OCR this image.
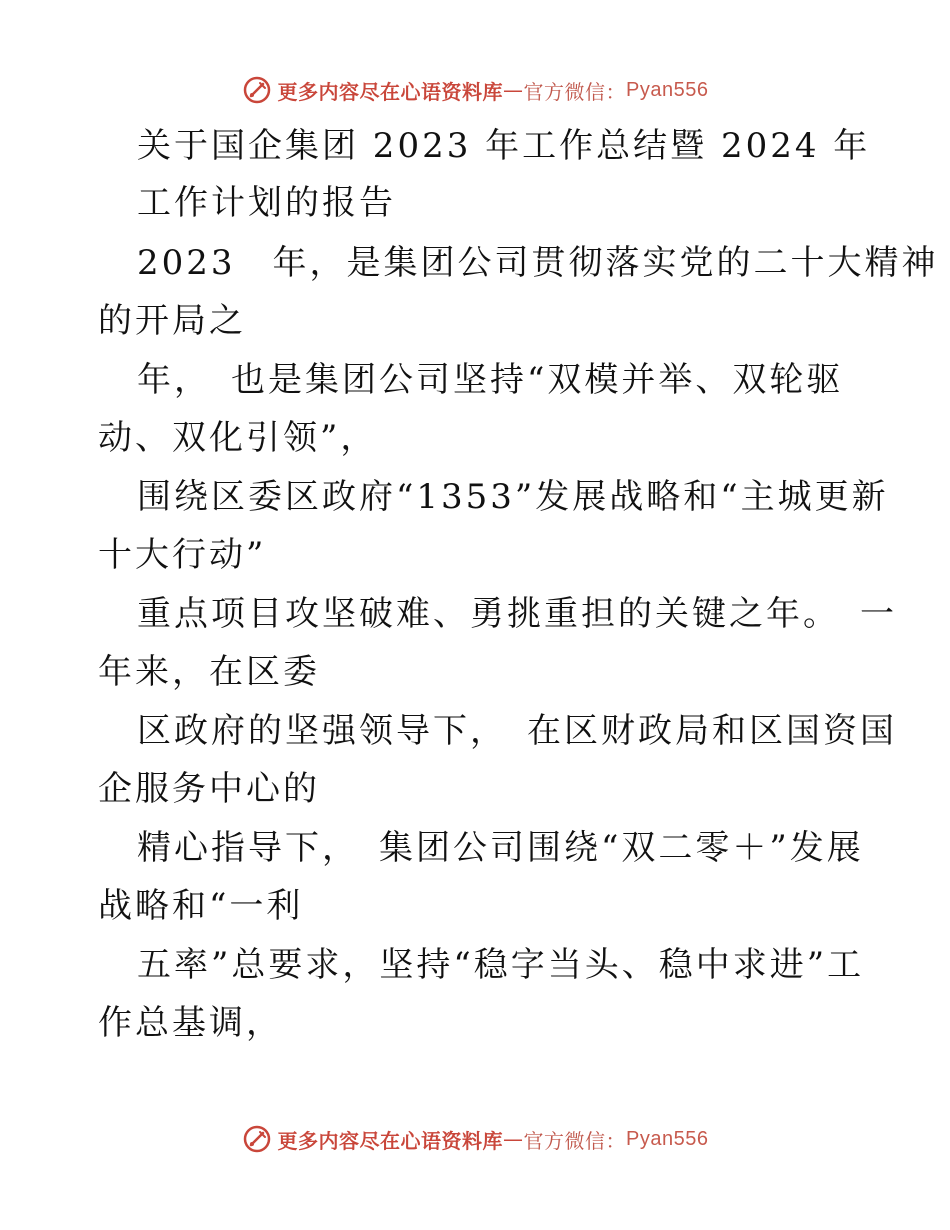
更多内容尽在心语资料库 — 官方微信： Pyan556
关于国企集团 2023 年工作总结暨 2024 年
工作计划的报告
2023　年，是集团公司贯彻落实党的二十大精神
的开局之
年，　也是集团公司坚持“双模并举、双轮驱
动、双化引领”，
围绕区委区政府“1353”发展战略和“主城更新
十大行动”
重点项目攻坚破难、勇挑重担的关键之年。　一
年来，在区委
区政府的坚强领导下，　在区财政局和区国资国
企服务中心的
精心指导下，　集团公司围绕“双二零＋”发展
战略和“一利
五率”总要求，坚持“稳字当头、稳中求进”工
作总基调，
更多内容尽在心语资料库 — 官方微信： Pyan556
